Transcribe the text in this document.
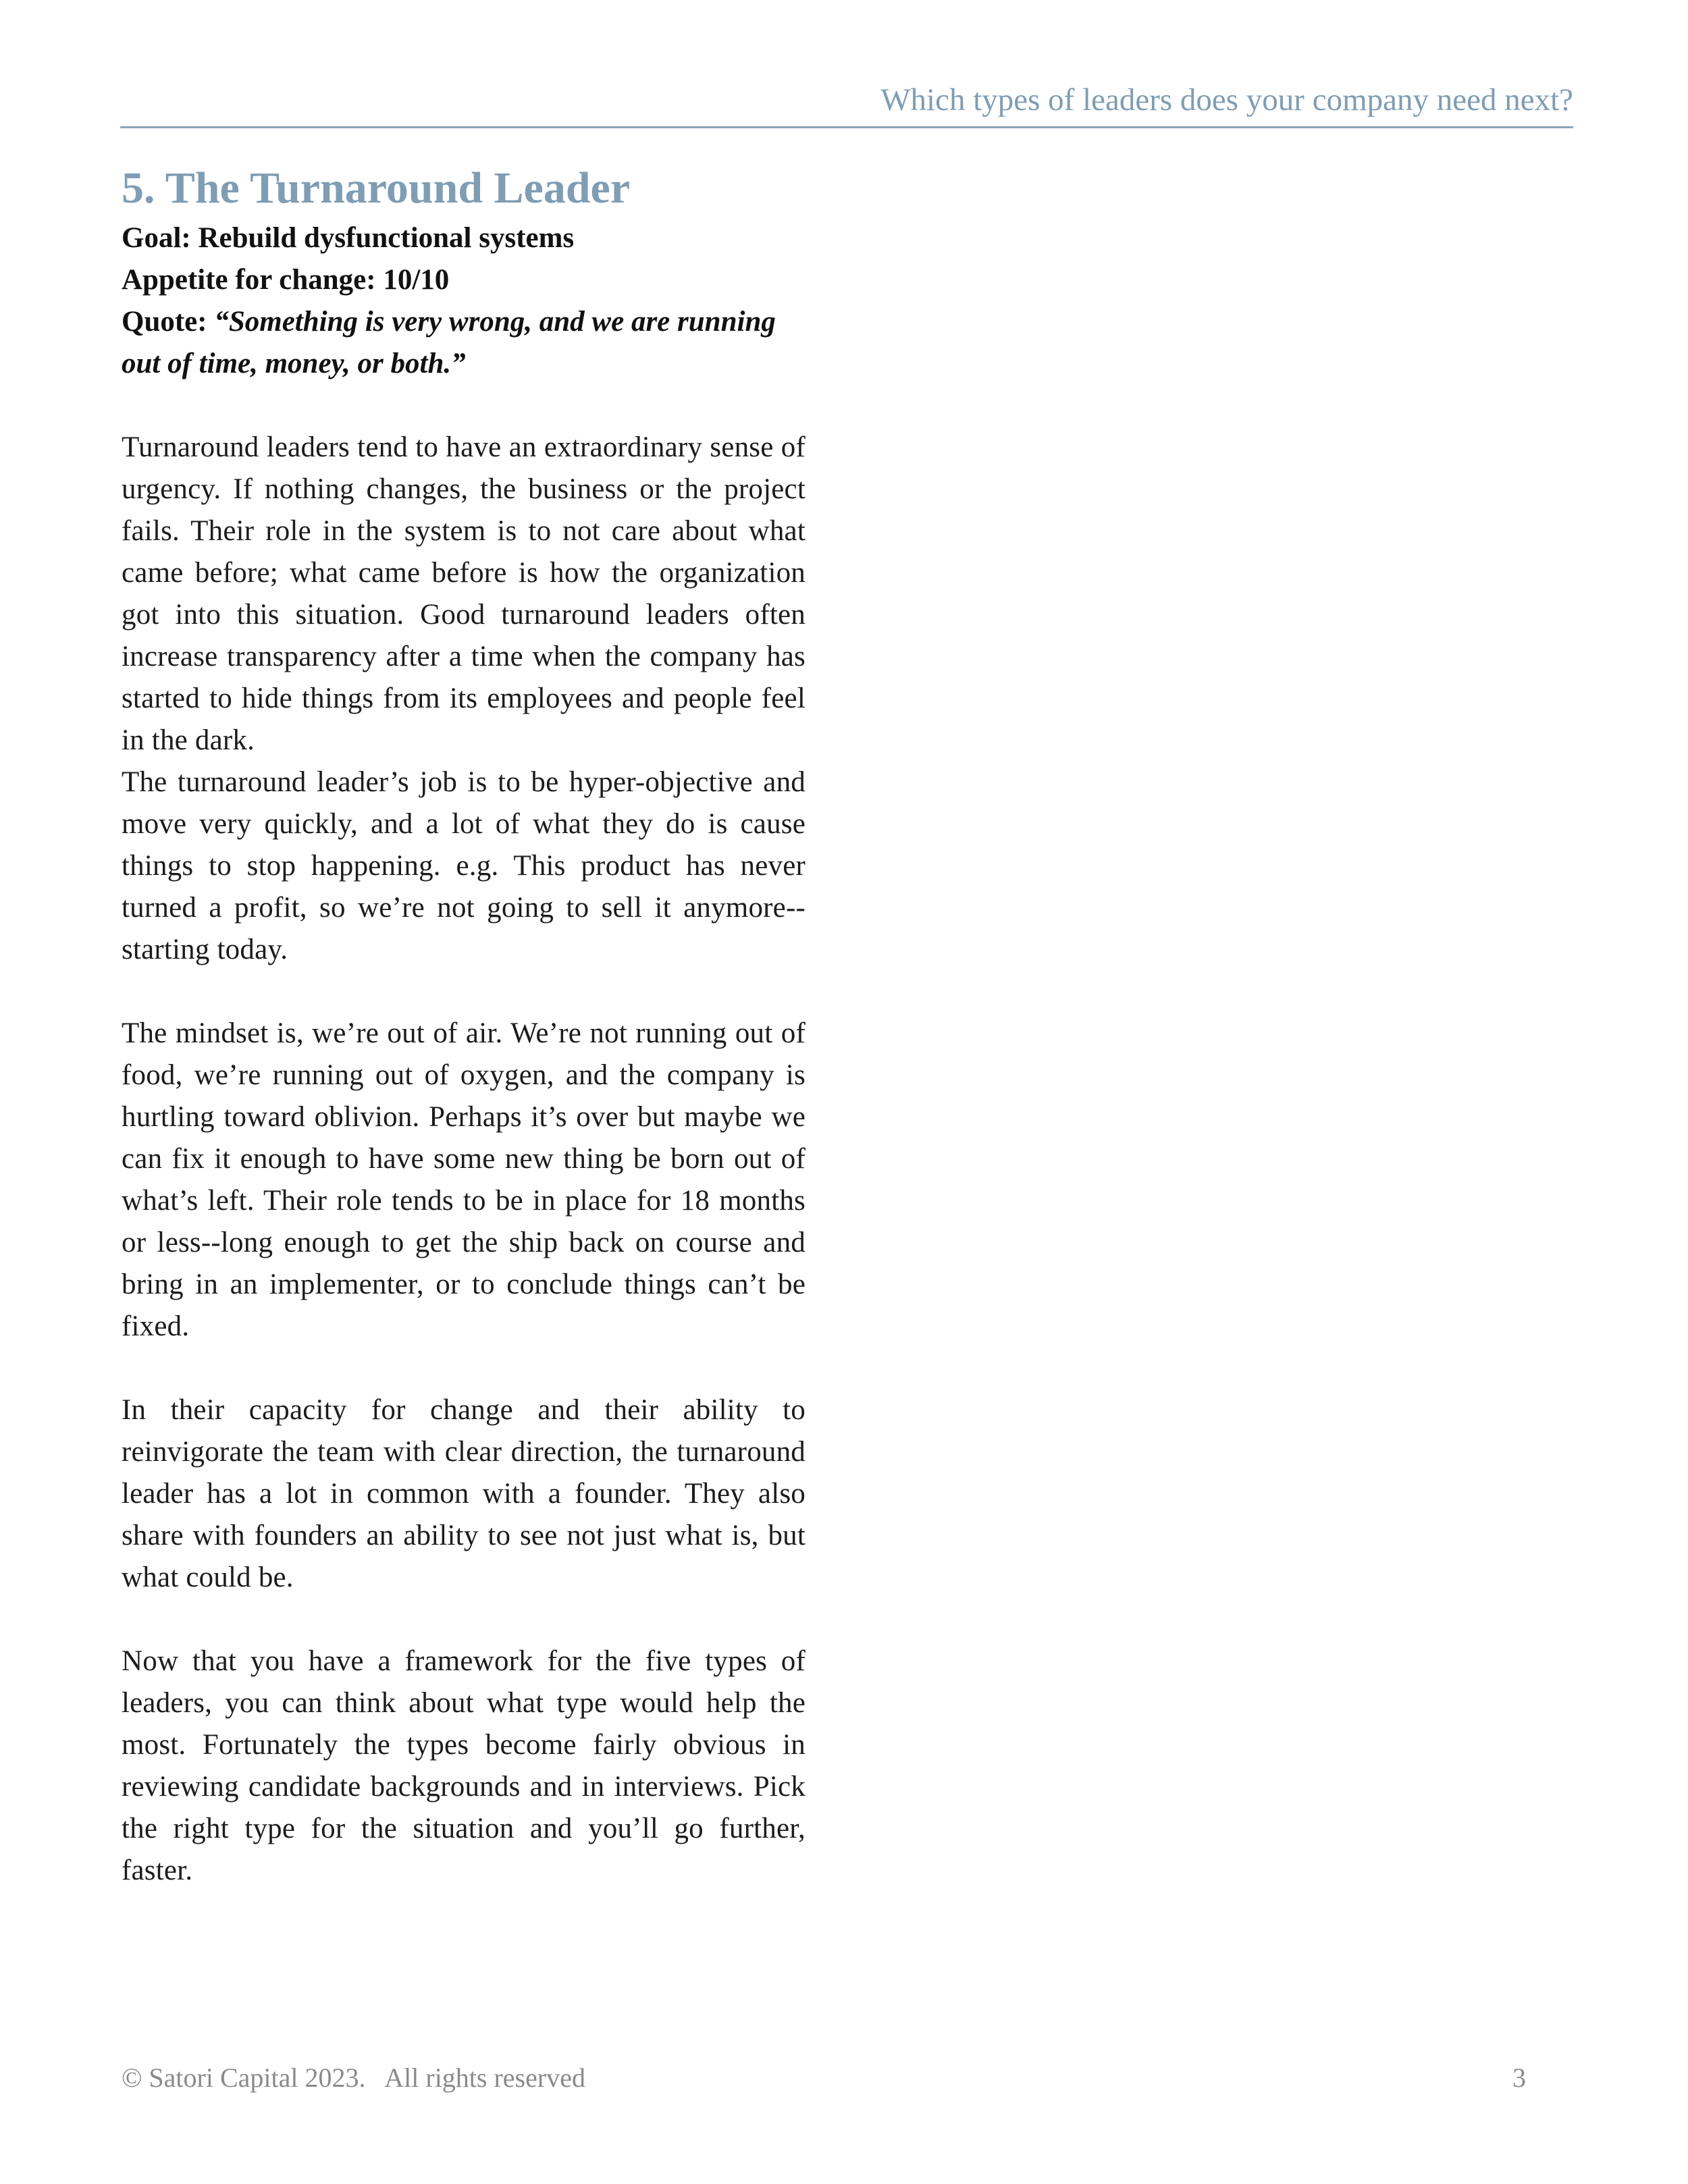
Which types of leaders does your company need next?
5. The Turnaround Leader
Goal: Rebuild dysfunctional systems
Appetite for change: 10/10
Quote: “Something is very wrong, and we are running out of time, money, or both.”

Turnaround leaders tend to have an extraordinary sense of urgency. If nothing changes, the business or the project fails. Their role in the system is to not care about what came before; what came before is how the organization got into this situation. Good turnaround leaders often increase transparency after a time when the company has started to hide things from its employees and people feel in the dark.

The turnaround leader’s job is to be hyper-objective and move very quickly, and a lot of what they do is cause things to stop happening. e.g. This product has never turned a profit, so we’re not going to sell it anymore--starting today.

The mindset is, we’re out of air. We’re not running out of food, we’re running out of oxygen, and the company is hurtling toward oblivion. Perhaps it’s over but maybe we can fix it enough to have some new thing be born out of what’s left. Their role tends to be in place for 18 months or less--long enough to get the ship back on course and bring in an implementer, or to conclude things can’t be fixed.

In their capacity for change and their ability to reinvigorate the team with clear direction, the turnaround leader has a lot in common with a founder. They also share with founders an ability to see not just what is, but what could be.

Now that you have a framework for the five types of leaders, you can think about what type would help the most. Fortunately the types become fairly obvious in reviewing candidate backgrounds and in interviews. Pick the right type for the situation and you’ll go further, faster.

© Satori Capital 2023.   All rights reserved	3
